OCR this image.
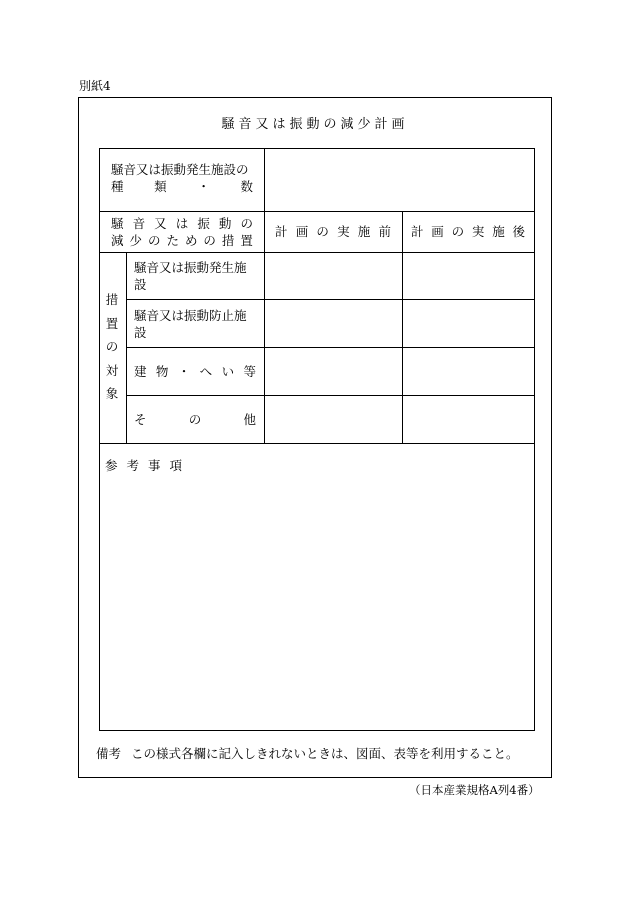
別紙4
騒音又は振動の減少計画
騒音又は振動発生施設の
種 類 ・ 数
騒 音 又 は 振 動 の
減 少 の た め の 措 置
計 画 の 実 施 前 計 画 の 実 施 後
措
置
の
対
象
騒音又は振動発生施設
騒音又は振動防止施設
建 物 ・ へ い 等
そ	の	他
参考事項
備考 この様式各欄に記入しきれないときは、図面、表等を利用すること。
（日本産業規格A列4番）
